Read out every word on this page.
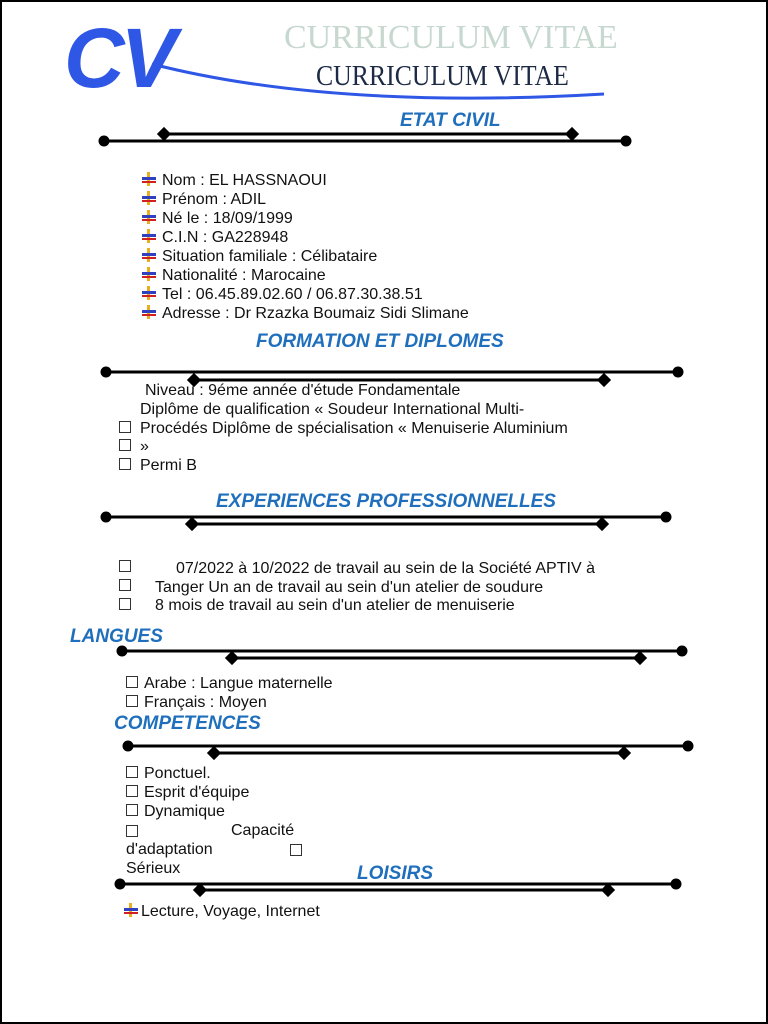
CV	CURRICULUM VITAE
CURRICULUM VITAE
ETAT CIVIL
Nom : EL HASSNAOUI
Prénom : ADIL
Né le : 18/09/1999
C.I.N : GA228948
Situation familiale : Célibataire
Nationalité : Marocaine
Tel : 06.45.89.02.60 / 06.87.30.38.51
Adresse : Dr Rzazka Boumaiz Sidi Slimane
FORMATION ET DIPLOMES
Niveau : 9éme année d'étude Fondamentale
Diplôme de qualification « Soudeur International Multi-
Procédés Diplôme de spécialisation « Menuiserie Aluminium
»
Permi B
EXPERIENCES PROFESSIONNELLES
07/2022 à 10/2022 de travail au sein de la Société APTIV à
Tanger Un an de travail au sein d'un atelier de soudure
8 mois de travail au sein d'un atelier de menuiserie
LANGUES
Arabe : Langue maternelle
Français : Moyen
COMPETENCES
Ponctuel.
Esprit d'équipe
Dynamique
Capacité
d'adaptation
Sérieux	LOISIRS
Lecture, Voyage, Internet
